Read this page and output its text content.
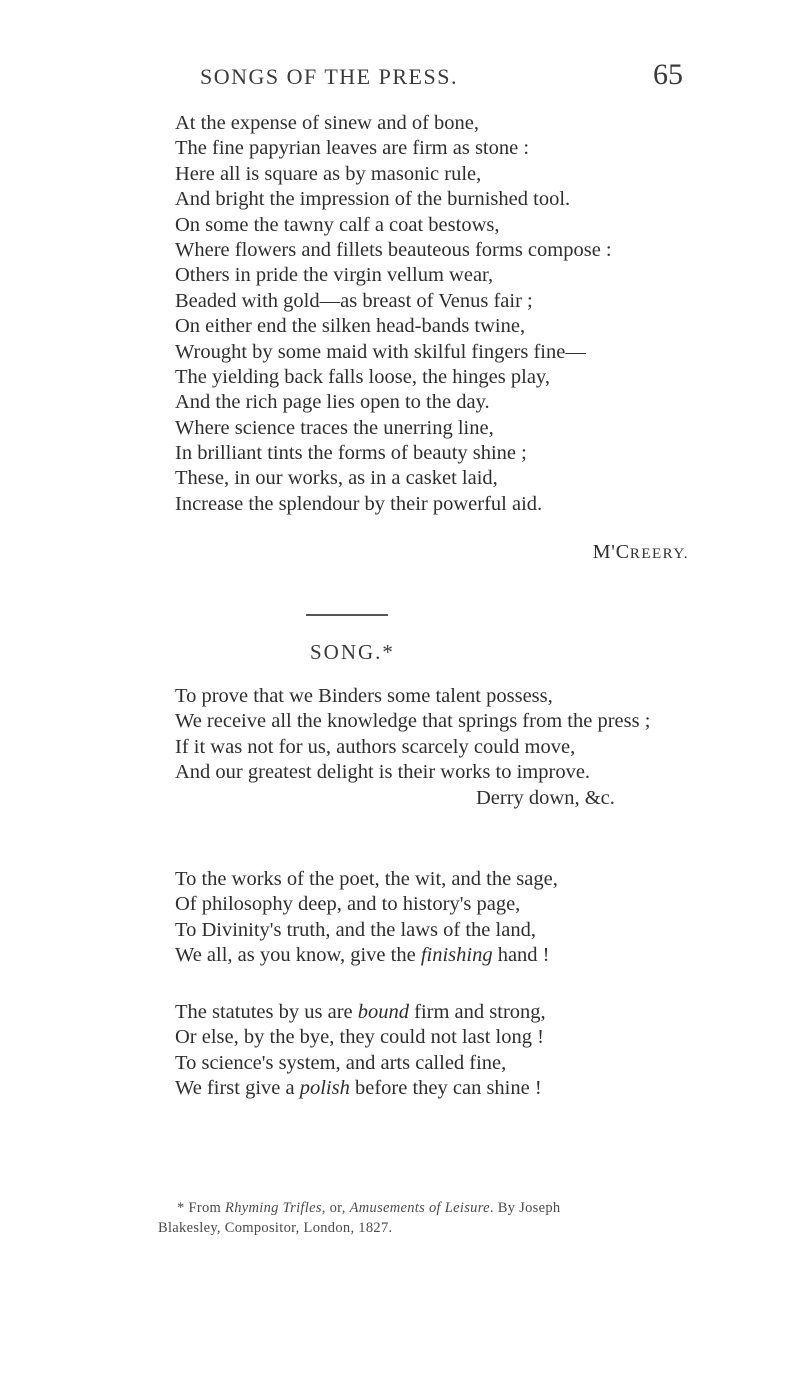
SONGS OF THE PRESS.	65
At the expense of sinew and of bone,
The fine papyrian leaves are firm as stone :
Here all is square as by masonic rule,
And bright the impression of the burnished tool.
On some the tawny calf a coat bestows,
Where flowers and fillets beauteous forms compose :
Others in pride the virgin vellum wear,
Beaded with gold—as breast of Venus fair ;
On either end the silken head-bands twine,
Wrought by some maid with skilful fingers fine—
The yielding back falls loose, the hinges play,
And the rich page lies open to the day.
Where science traces the unerring line,
In brilliant tints the forms of beauty shine ;
These, in our works, as in a casket laid,
Increase the splendour by their powerful aid.
M'CREERY.
SONG.*
To prove that we Binders some talent possess,
We receive all the knowledge that springs from the press ;
If it was not for us, authors scarcely could move,
And our greatest delight is their works to improve.
Derry down, &c.
To the works of the poet, the wit, and the sage,
Of philosophy deep, and to history's page,
To Divinity's truth, and the laws of the land,
We all, as you know, give the finishing hand !
The statutes by us are bound firm and strong,
Or else, by the bye, they could not last long !
To science's system, and arts called fine,
We first give a polish before they can shine !
* From Rhyming Trifles, or, Amusements of Leisure. By Joseph
Blakesley, Compositor, London, 1827.
